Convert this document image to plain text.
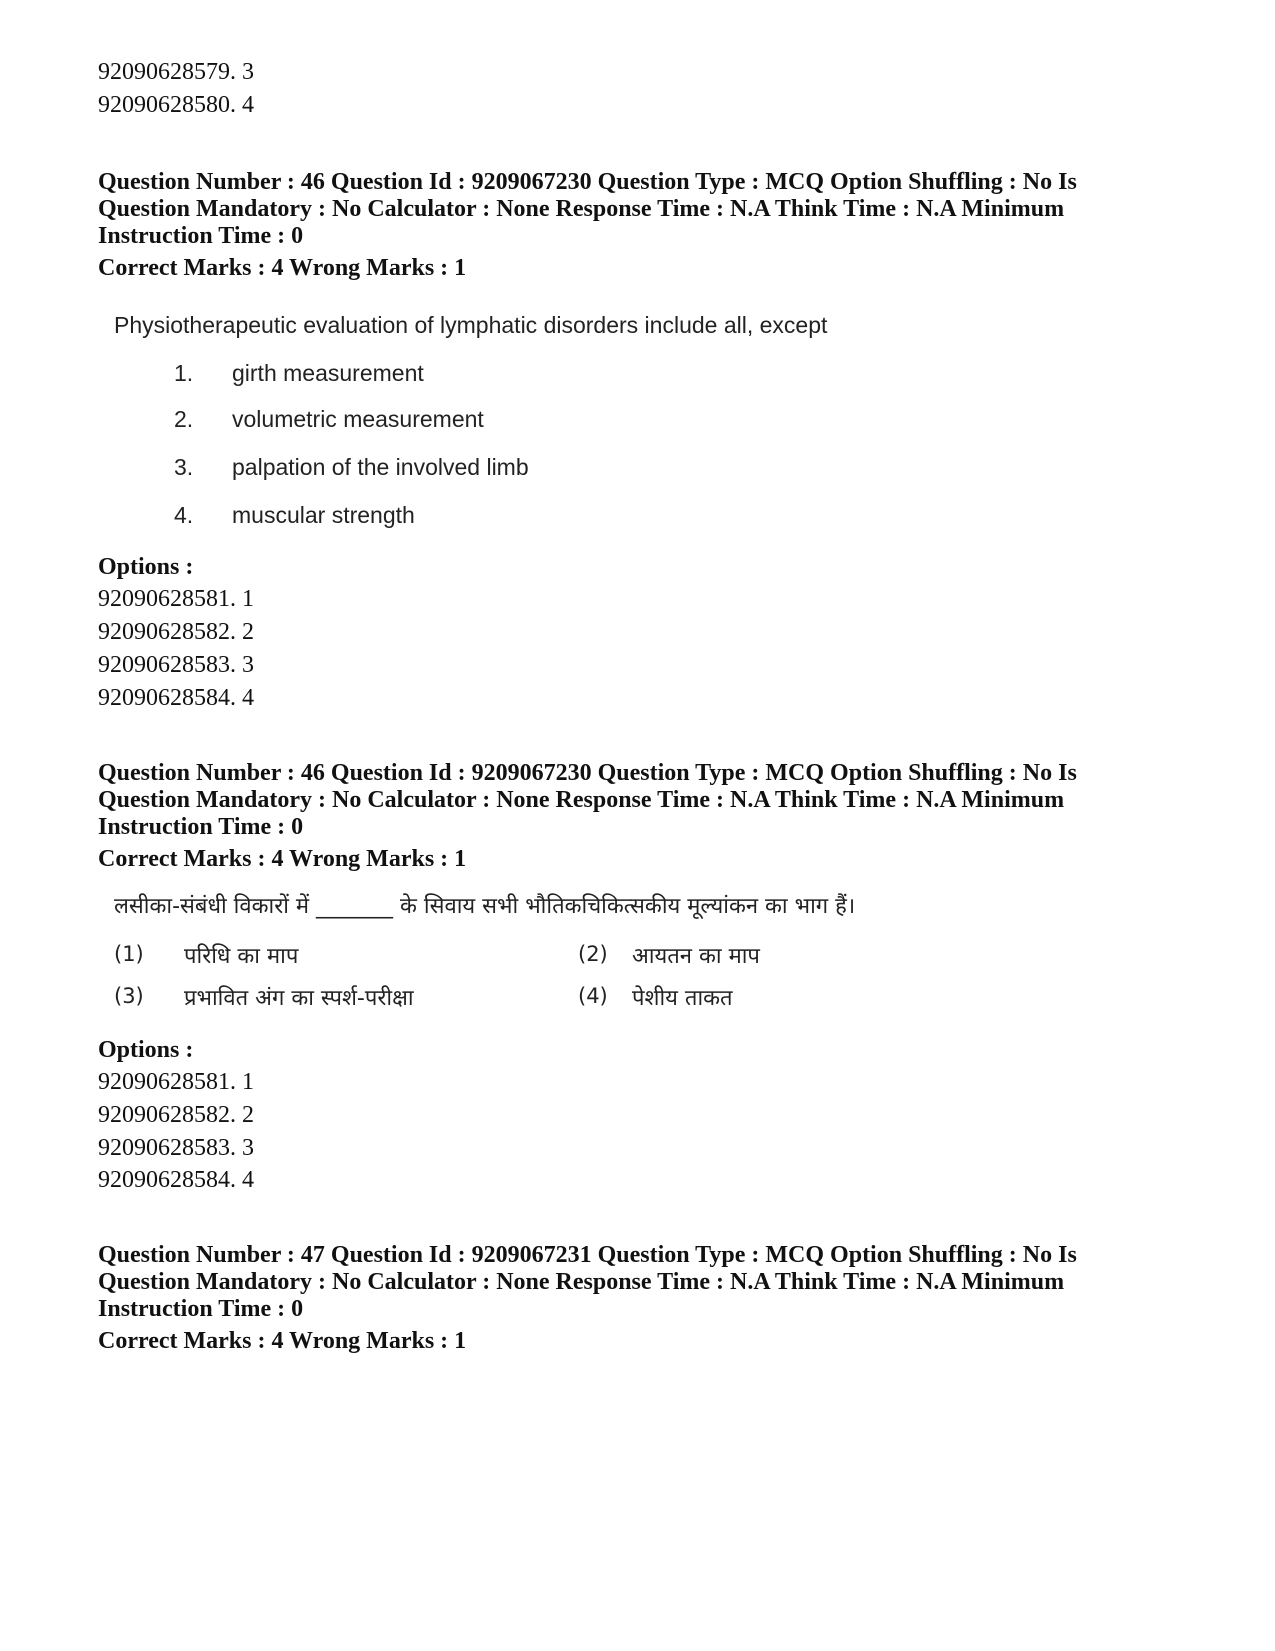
92090628579. 3
92090628580. 4
Question Number : 46 Question Id : 9209067230 Question Type : MCQ Option Shuffling : No Is
Question Mandatory : No Calculator : None Response Time : N.A Think Time : N.A Minimum
Instruction Time : 0
Correct Marks : 4 Wrong Marks : 1
Physiotherapeutic evaluation of lymphatic disorders include all, except
1. girth measurement
2. volumetric measurement
3. palpation of the involved limb
4. muscular strength
Options :
92090628581. 1
92090628582. 2
92090628583. 3
92090628584. 4
Question Number : 46 Question Id : 9209067230 Question Type : MCQ Option Shuffling : No Is
Question Mandatory : No Calculator : None Response Time : N.A Think Time : N.A Minimum
Instruction Time : 0
Correct Marks : 4 Wrong Marks : 1
लसीका-संबंधी विकारों में _______ के सिवाय सभी भौतिकचिकित्सकीय मूल्यांकन का भाग हैं।
(1) परिधि का माप	(2) आयतन का माप
(3) प्रभावित अंग का स्पर्श-परीक्षा	(4) पेशीय ताकत
Options :
92090628581. 1
92090628582. 2
92090628583. 3
92090628584. 4
Question Number : 47 Question Id : 9209067231 Question Type : MCQ Option Shuffling : No Is
Question Mandatory : No Calculator : None Response Time : N.A Think Time : N.A Minimum
Instruction Time : 0
Correct Marks : 4 Wrong Marks : 1
